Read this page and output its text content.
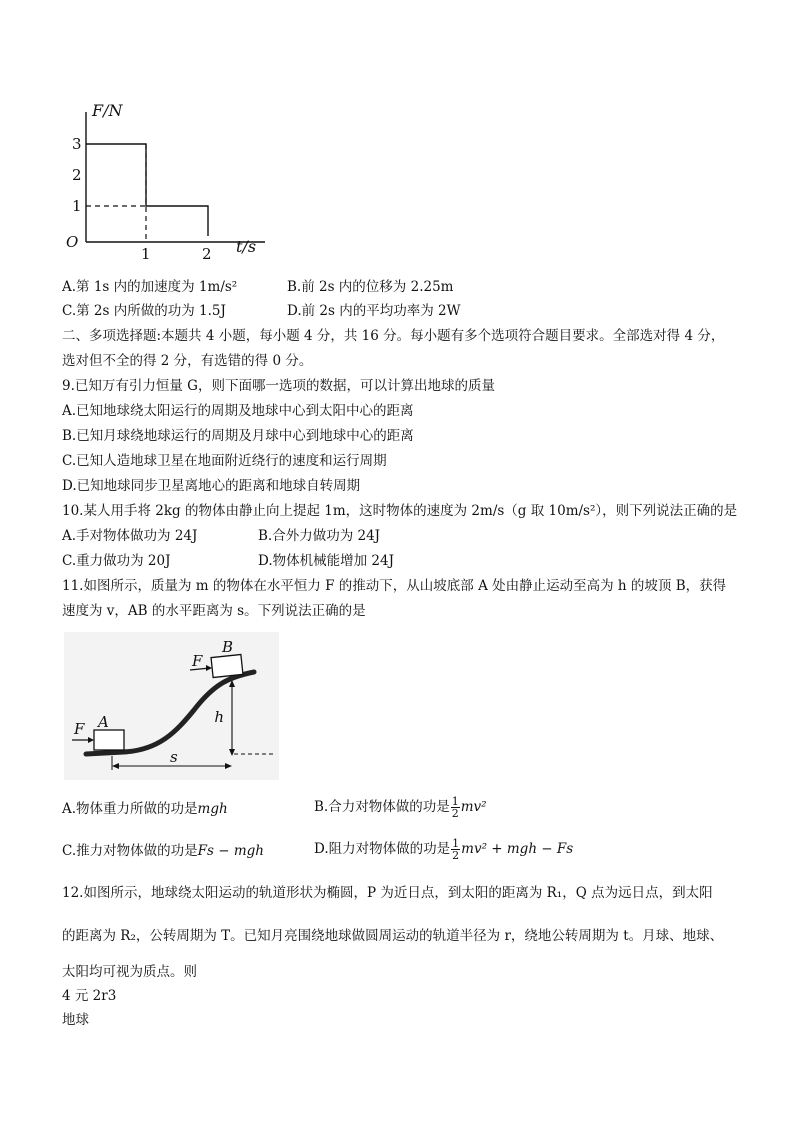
F/N
3
2
1
O
1	2 t/s
A.第 1s 内的加速度为 1m/s²	B.前 2s 内的位移为 2.25m
C.第 2s 内所做的功为 1.5J	D.前 2s 内的平均功率为 2W
二、多项选择题:本题共 4 小题，每小题 4 分，共 16 分。每小题有多个选项符合题目要求。全部选对得 4 分，
选对但不全的得 2 分，有选错的得 0 分。
9.已知万有引力恒量 G，则下面哪一选项的数据，可以计算出地球的质量
A.已知地球绕太阳运行的周期及地球中心到太阳中心的距离
B.已知月球绕地球运行的周期及月球中心到地球中心的距离
C.已知人造地球卫星在地面附近绕行的速度和运行周期
D.已知地球同步卫星离地心的距离和地球自转周期
10.某人用手将 2kg 的物体由静止向上提起 1m，这时物体的速度为 2m/s（g 取 10m/s²），则下列说法正确的是
A.手对物体做功为 24J	B.合外力做功为 24J
C.重力做功为 20J	D.物体机械能增加 24J
11.如图所示，质量为 m 的物体在水平恒力 F 的推动下，从山坡底部 A 处由静止运动至高为 h 的坡顶 B，获得
速度为 v，AB 的水平距离为 s。下列说法正确的是
F A
F
B
h
s
A.物体重力所做的功是mgh	B.合力对物体做的功是 $\frac{1}{2} mv^2$
C.推力对物体做的功是Fs − mgh	D.阻力对物体做的功是 $\frac{1}{2} mv^2$ + mgh − Fs
12.如图所示，地球绕太阳运动的轨道形状为椭圆，P 为近日点，到太阳的距离为 R₁，Q 点为远日点，到太阳
的距离为 R₂，公转周期为 T。已知月亮围绕地球做圆周运动的轨道半径为 r，绕地公转周期为 t。月球、地球、
太阳均可视为质点。则
4 元 2r3
地球
